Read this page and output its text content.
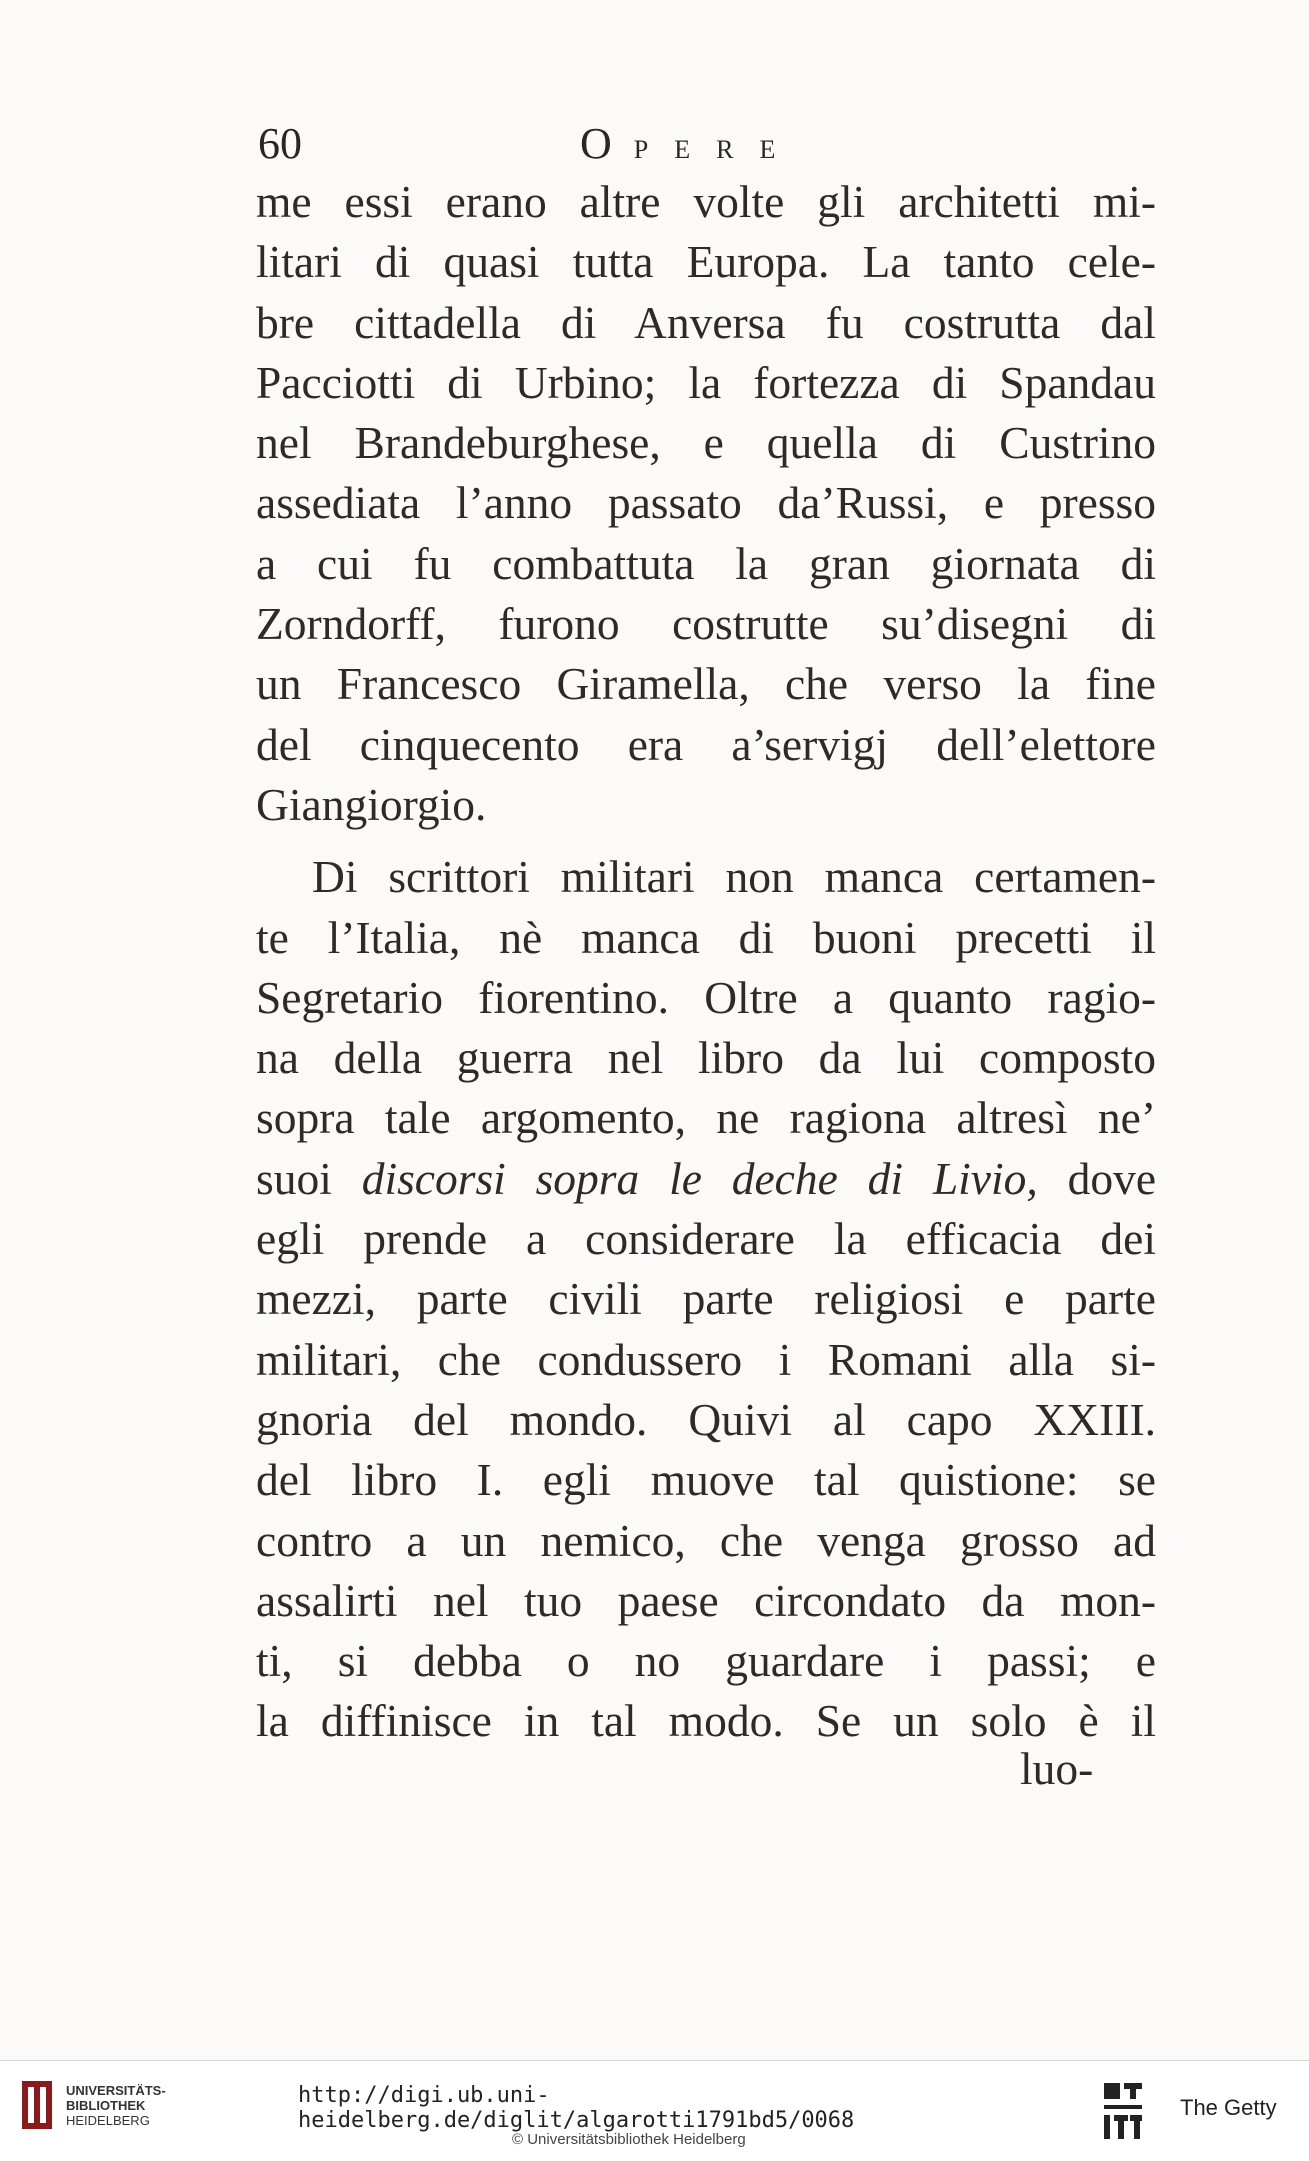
60	OPERE
me essi erano altre volte gli architetti mi-
litari di quasi tutta Europa. La tanto cele-
bre cittadella di Anversa fu costrutta dal
Pacciotti di Urbino; la fortezza di Spandau
nel Brandeburghese, e quella di Custrino
assediata l’anno passato da’Russi, e presso
a cui fu combattuta la gran giornata di
Zorndorff, furono costrutte su’disegni di
un Francesco Giramella, che verso la fine
del cinquecento era a’servigj dell’elettore
Giangiorgio.
Di scrittori militari non manca certamen-
te l’Italia, nè manca di buoni precetti il
Segretario fiorentino. Oltre a quanto ragio-
na della guerra nel libro da lui composto
sopra tale argomento, ne ragiona altresì ne’
suoi discorsi sopra le deche di Livio, dove
egli prende a considerare la efficacia dei
mezzi, parte civili parte religiosi e parte
militari, che condussero i Romani alla si-
gnoria del mondo. Quivi al capo XXIII.
del libro I. egli muove tal quistione: se
contro a un nemico, che venga grosso ad
assalirti nel tuo paese circondato da mon-
ti, si debba o no guardare i passi; e
la diffinisce in tal modo. Se un solo è il
luo-
UNIVERSITÄTS-
BIBLIOTHEK
HEIDELBERG
http://digi.ub.uni-heidelberg.de/diglit/algarotti1791bd5/0068
© Universitätsbibliothek Heidelberg
The Getty
